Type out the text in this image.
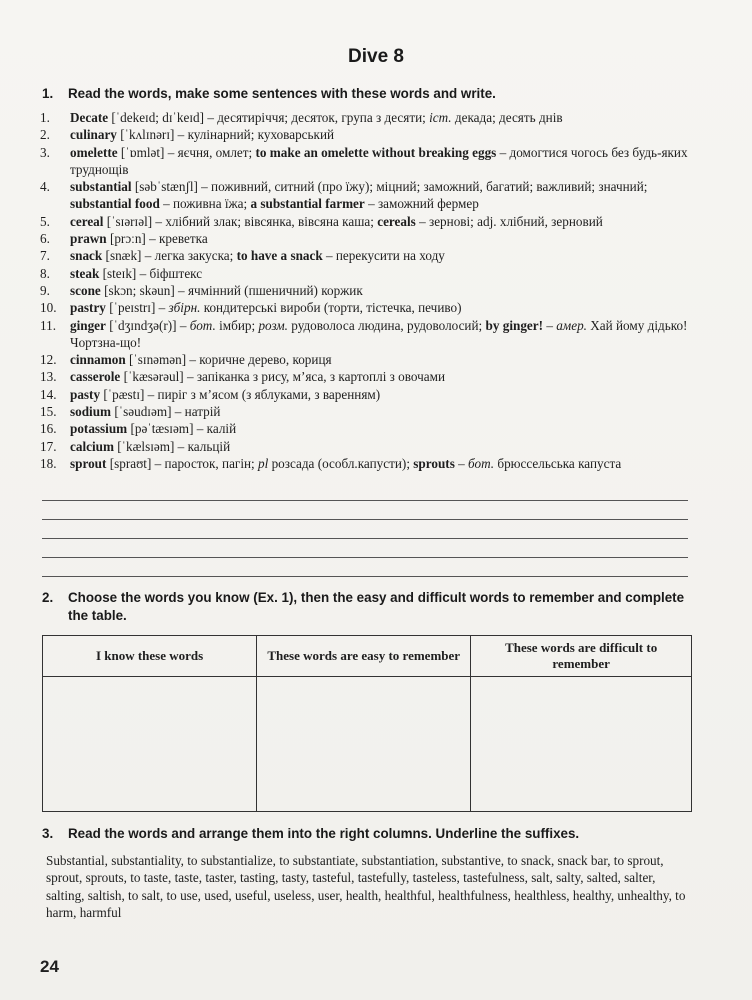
Dive 8
1. Read the words, make some sentences with these words and write.
1.	Decate [ˈdekeɪd; dɪˈkeɪd] – десятиріччя; десяток, група з десяти; іст. декада; десять днів
2.	culinary [ˈkʌlɪnərɪ] – кулінарний; куховарський
3.	omelette [ˈɒmlət] – яєчня, омлет; to make an omelette without breaking eggs – домогтися чогось без будь-яких труднощів
4.	substantial [səbˈstænʃl] – поживний, ситний (про їжу); міцний; заможний, багатий; важливий; значний; substantial food – поживна їжа; a substantial farmer – заможний фермер
5.	cereal [ˈsɪərɪəl] – хлібний злак; вівсянка, вівсяна каша; cereals – зернові; adj. хлібний, зерновий
6.	prawn [prɔːn] – креветка
7.	snack [snæk] – легка закуска; to have a snack – перекусити на ходу
8.	steak [steɪk] – біфштекс
9.	scone [skɔn; skəun] – ячмінний (пшеничний) коржик
10.	pastry [ˈpeɪstrɪ] – збірн. кондитерські вироби (торти, тістечка, печиво)
11.	ginger [ˈdʒɪndʒə(r)] – бот. імбир; розм. рудоволоса людина, рудоволосий; by ginger! – амер. Хай йому дідько! Чортзна-що!
12.	cinnamon [ˈsɪnəmən] – коричне дерево, кориця
13.	casserole [ˈkæsərəul] – запіканка з рису, м’яса, з картоплі з овочами
14.	pasty [ˈpæstɪ] – пиріг з м’ясом (з яблуками, з варенням)
15.	sodium [ˈsəudɪəm] – натрій
16.	potassium [pəˈtæsɪəm] – калій
17.	calcium [ˈkælsɪəm] – кальцій
18.	sprout [spraʊt] – паросток, пагін; pl розсада (особл.капусти); sprouts – бот. брюссельська капуста
2. Choose the words you know (Ex. 1), then the easy and difficult words to remember and complete the table.
I know these words	These words are easy to remember	These words are difficult to remember

3. Read the words and arrange them into the right columns. Underline the suffixes.
Substantial, substantiality, to substantialize, to substantiate, substantiation, substantive, to snack, snack bar, to sprout, sprout, sprouts, to taste, taste, taster, tasting, tasty, tasteful, tastefully, tasteless, tastefulness, salt, salty, salted, salter, salting, saltish, to salt, to use, used, useful, useless, user, health, healthful, healthfulness, healthless, healthy, unhealthy, to harm, harmful
24
